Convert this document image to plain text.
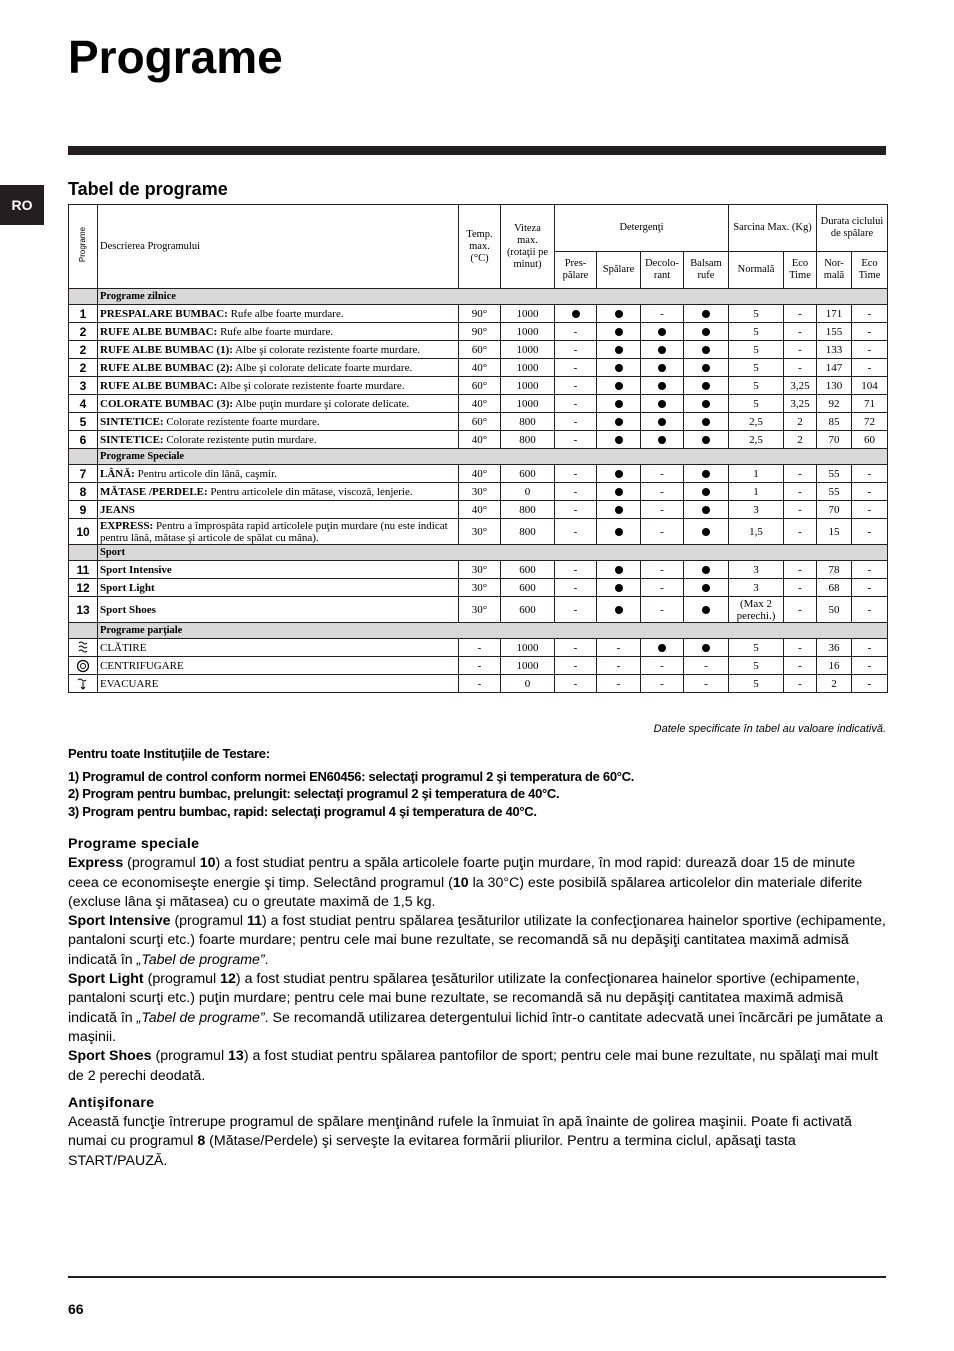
Programe
RO
Tabel de programe
Programe	Descrierea Programului	Temp. max. (°C)	Viteza max. (rotaţii pe minut)	Detergenţi				Sarcina Max. (Kg)		Durata ciclului de spălare	
				Pres-pălare	Spălare	Decolo-rant	Balsam rufe	Normală	Eco Time	Nor-mală	Eco Time
	Programe zilnice										
1	PRESPALARE BUMBAC: Rufe albe foarte murdare.	90°	1000			-		5	-	171	-
2	RUFE ALBE BUMBAC: Rufe albe foarte murdare.	90°	1000	-				5	-	155	-
2	RUFE ALBE BUMBAC (1): Albe şi colorate rezistente foarte murdare.	60°	1000	-				5	-	133	-
2	RUFE ALBE BUMBAC (2): Albe şi colorate delicate foarte murdare.	40°	1000	-				5	-	147	-
3	RUFE ALBE BUMBAC: Albe şi colorate rezistente foarte murdare.	60°	1000	-				5	3,25	130	104
4	COLORATE BUMBAC (3): Albe puţin murdare şi colorate delicate.	40°	1000	-				5	3,25	92	71
5	SINTETICE: Colorate rezistente foarte murdare.	60°	800	-				2,5	2	85	72
6	SINTETICE: Colorate rezistente putin murdare.	40°	800	-				2,5	2	70	60
	Programe Speciale										
7	LÂNĂ: Pentru articole din lână, caşmir.	40°	600	-		-		1	-	55	-
8	MĂTASE /PERDELE: Pentru articolele din mătase, viscoză, lenjerie.	30°	0	-		-		1	-	55	-
9	JEANS	40°	800	-		-		3	-	70	-
10	EXPRESS: Pentru a împrospăta rapid articolele puţin murdare (nu este indicat pentru lână, mătase şi articole de spălat cu mâna).	30°	800	-		-		1,5	-	15	-
	Sport										
11	Sport Intensive	30°	600	-		-		3	-	78	-
12	Sport Light	30°	600	-		-		3	-	68	-
13	Sport Shoes	30°	600	-		-		(Max 2 perechi.)	-	50	-
	Programe parţiale										

	CLĂTIRE	-	1000	-	-			5	-	36	-

	CENTRIFUGARE	-	1000	-	-	-	-	5	-	16	-

	EVACUARE	-	0	-	-	-	-	5	-	2	-
Datele specificate în tabel au valoare indicativă.

Pentru toate Instituţiile de Testare:

1) Programul de control conform normei EN60456: selectaţi programul 2 şi temperatura de 60°C.

2) Program pentru bumbac, prelungit: selectaţi programul 2 şi temperatura de 40°C.

3) Program pentru bumbac, rapid: selectaţi programul 4 şi temperatura de 40°C.

Programe speciale

Express (programul 10) a fost studiat pentru a spăla articolele foarte puţin murdare, în mod rapid: durează doar 15 de minute ceea ce economiseşte energie şi timp. Selectând programul (10 la 30°C) este posibilă spălarea articolelor din materiale diferite (excluse lâna şi mătasea) cu o greutate maximă de 1,5 kg.

Sport Intensive (programul 11) a fost studiat pentru spălarea ţesăturilor utilizate la confecţionarea hainelor sportive (echipamente, pantaloni scurţi etc.) foarte murdare; pentru cele mai bune rezultate, se recomandă să nu depăşiţi cantitatea maximă admisă indicată în „Tabel de programe”.

Sport Light (programul 12) a fost studiat pentru spălarea ţesăturilor utilizate la confecţionarea hainelor sportive (echipamente, pantaloni scurţi etc.) puţin murdare; pentru cele mai bune rezultate, se recomandă să nu depăşiţi cantitatea maximă admisă indicată în „Tabel de programe”. Se recomandă utilizarea detergentului lichid într-o cantitate adecvată unei încărcări pe jumătate a maşinii.

Sport Shoes (programul 13) a fost studiat pentru spălarea pantofilor de sport; pentru cele mai bune rezultate, nu spălaţi mai mult de 2 perechi deodată.

Antişifonare

Această funcţie întrerupe programul de spălare menţinând rufele la înmuiat în apă înainte de golirea maşinii. Poate fi activată numai cu programul 8 (Mătase/Perdele) şi serveşte la evitarea formării pliurilor. Pentru a termina ciclul, apăsaţi tasta START/PAUZĂ.

66
